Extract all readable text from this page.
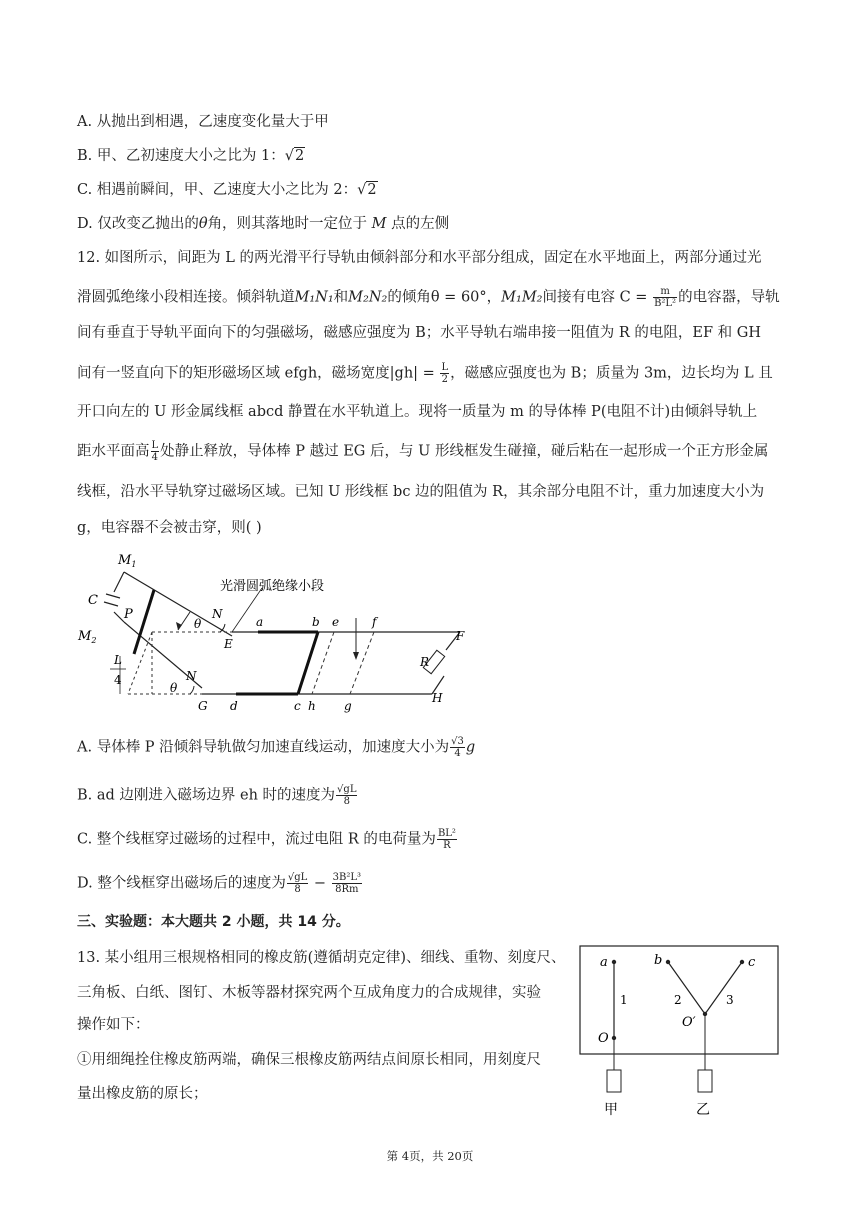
A. 从抛出到相遇，乙速度变化量大于甲
B. 甲、乙初速度大小之比为 1：√2
C. 相遇前瞬间，甲、乙速度大小之比为 2：√2
D. 仅改变乙抛出的θ角，则其落地时一定位于 M 点的左侧
12. 如图所示，间距为 L 的两光滑平行导轨由倾斜部分和水平部分组成，固定在水平地面上，两部分通过光
滑圆弧绝缘小段相连接。倾斜轨道M₁N₁和M₂N₂的倾角θ = 60°，M₁M₂间接有电容 $C = \frac{m}{\text{B²L²}}$ 的电容器，导轨
间有垂直于导轨平面向下的匀强磁场，磁感应强度为 B；水平导轨右端串接一阻值为 R 的电阻，EF 和 GH
间有一竖直向下的矩形磁场区域 efgh，磁场宽度$|gh| = \frac{L}{2}$ ，磁感应强度也为 B；质量为 3m，边长均为 L 且
开口向左的 U 形金属线框 abcd 静置在水平轨道上。现将一质量为 m 的导体棒 P(电阻不计)由倾斜导轨上
距水平面高 $\frac{L}{4}$ 处静止释放，导体棒 P 越过 EG 后，与 U 形线框发生碰撞，碰后粘在一起形成一个正方形金属
线框，沿水平导轨穿过磁场区域。已知 U 形线框 bc 边的阻值为 R，其余部分电阻不计，重力加速度大小为
g，电容器不会被击穿，则( )
$M_1$
$M_2$
C
P
L
4
θ
θ
N
N
E
G
a	b
c
d
e	f
g
h
F
H
R
光滑圆弧绝缘小段
A. 导体棒 P 沿倾斜导轨做匀加速直线运动，加速度大小为 $\frac{√3}{4}$ g
B. ad 边刚进入磁场边界 eh 时的速度为 $\frac{√gL}{8}$
C. 整个线框穿过磁场的过程中，流过电阻 R 的电荷量为 $\frac{\text{BL²}}{R}$
D. 整个线框穿出磁场后的速度为 $\frac{√gL}{8} - \frac{\text{3B²L³}}{8Rm}$
三、实验题：本大题共 2 小题，共 14 分。
13. 某小组用三根规格相同的橡皮筋(遵循胡克定律)、细线、重物、刻度尺、
三角板、白纸、图钉、木板等器材探究两个互成角度力的合成规律，实验
操作如下：
①用细绳拴住橡皮筋两端，确保三根橡皮筋两结点间原长相同，用刻度尺
量出橡皮筋的原长；
a	b	c
1	2	3
O
O′
甲	乙
第 4页，共 20页
